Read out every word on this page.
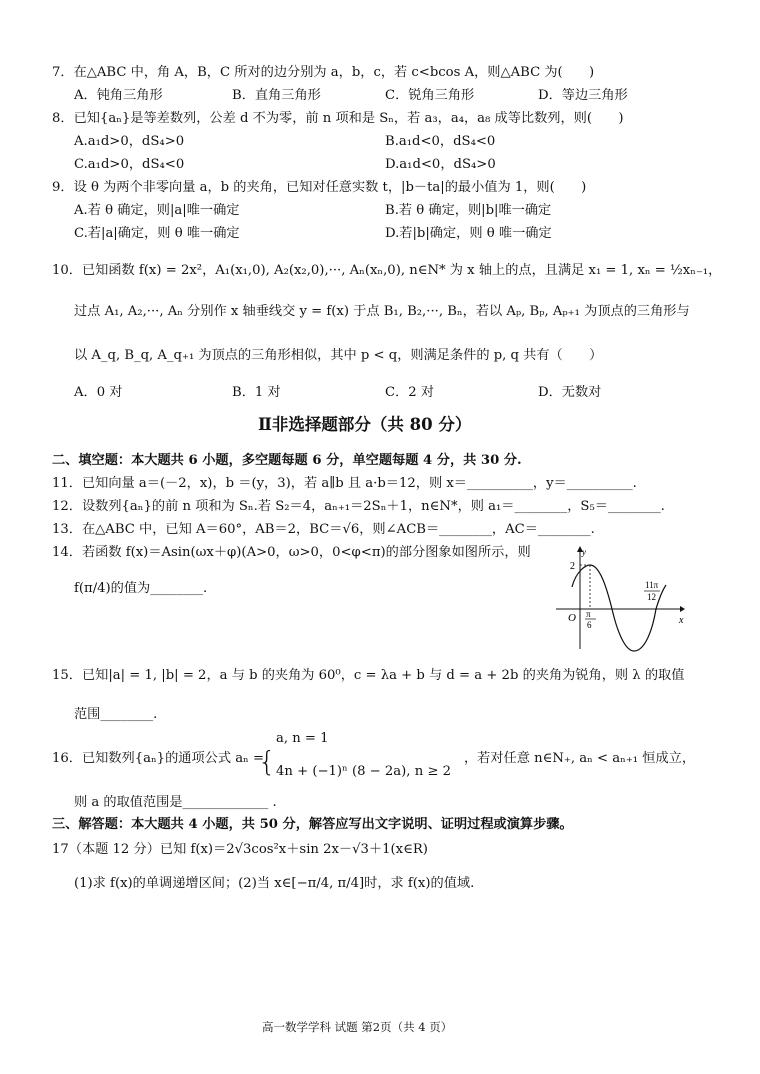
7．在△ABC 中，角 A，B，C 所对的边分别为 a，b，c，若 c<bcos A，则△ABC 为(　　)
A．钝角三角形	B．直角三角形	C．锐角三角形	D．等边三角形
8．已知{aₙ}是等差数列，公差 d 不为零，前 n 项和是 Sₙ，若 a₃，a₄，a₈ 成等比数列，则(　　)
A.a₁d>0，dS₄>0	B.a₁d<0，dS₄<0
C.a₁d>0，dS₄<0	D.a₁d<0，dS₄>0
9．设 θ 为两个非零向量 a，b 的夹角，已知对任意实数 t，|b－ta|的最小值为 1，则(　　)
A.若 θ 确定，则|a|唯一确定	B.若 θ 确定，则|b|唯一确定
C.若|a|确定，则 θ 唯一确定	D.若|b|确定，则 θ 唯一确定
10．已知函数 f(x) = 2x²，A₁(x₁,0), A₂(x₂,0),···, Aₙ(xₙ,0), n∈N* 为 x 轴上的点，且满足 x₁ = 1, xₙ = ½xₙ₋₁，
过点 A₁, A₂,···, Aₙ 分别作 x 轴垂线交 y = f(x) 于点 B₁, B₂,···, Bₙ，若以 Aₚ, Bₚ, Aₚ₊₁ 为顶点的三角形与
以 A_q, B_q, A_q₊₁ 为顶点的三角形相似，其中 p < q，则满足条件的 p, q 共有（　　）
A．0 对	B．1 对	C．2 对	D．无数对
Ⅱ非选择题部分（共 80 分）
二、填空题：本大题共 6 小题，多空题每题 6 分，单空题每题 4 分，共 30 分.
11．已知向量 a＝(－2，x)，b ＝(y，3)，若 a∥b 且 a·b＝12，则 x＝__________，y＝__________.
12．设数列{aₙ}的前 n 项和为 Sₙ.若 S₂＝4，aₙ₊₁＝2Sₙ＋1，n∈N*，则 a₁＝________，S₅＝________.
13．在△ABC 中，已知 A＝60°，AB＝2，BC＝√6，则∠ACB＝________，AC＝________.
14．若函数 f(x)＝Asin(ωx＋φ)(A>0，ω>0，0<φ<π)的部分图象如图所示，则
f(π/4)的值为________.
y
x
O
2
π
6
11π
12
15．已知|a| = 1, |b| = 2，a 与 b 的夹角为 60⁰，c = λa + b 与 d = a + 2b 的夹角为锐角，则 λ 的取值
范围________.
16．已知数列{aₙ}的通项公式 aₙ =
{
a, n = 1
4n + (−1)ⁿ (8 − 2a), n ≥ 2
，若对任意 n∈N₊, aₙ < aₙ₊₁ 恒成立，
则 a 的取值范围是_____________ .
三、解答题：本大题共 4 小题，共 50 分，解答应写出文字说明、证明过程或演算步骤。
17（本题 12 分）已知 f(x)＝2√3cos²x＋sin 2x－√3＋1(x∈R)
(1)求 f(x)的单调递增区间；(2)当 x∈[−π/4, π/4]时，求 f(x)的值域.
高一数学学科 试题 第2页（共 4 页）
